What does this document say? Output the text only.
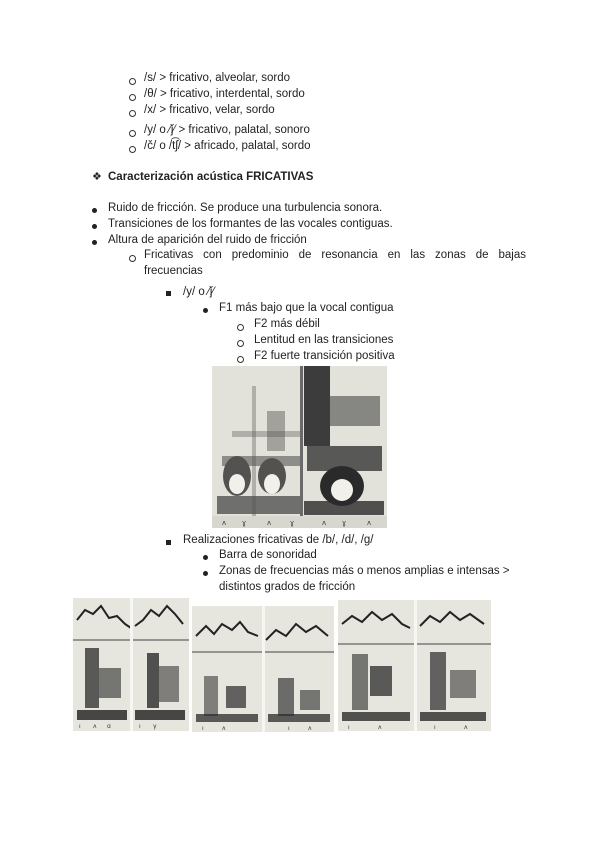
/s/ > fricativo, alveolar, sordo
/θ/ > fricativo, interdental, sordo
/x/ > fricativo, velar, sordo
/y/ o ⁄ǰ⁄ > fricativo, palatal, sonoro
/č/ o /t͡ʃ/ > africado, palatal, sordo
❖ Caracterización acústica FRICATIVAS
Ruido de fricción. Se produce una turbulencia sonora.
Transiciones de los formantes de las vocales contiguas.
Altura de aparición del ruido de fricción
Fricativas con predominio de resonancia en las zonas de bajas frecuencias
/y/ o ⁄ǰ⁄
F1 más bajo que la vocal contigua
F2 más débil
Lentitud en las transiciones
F2 fuerte transición positiva
ʌ ɣ	ʌ	ɣ	ʌ ɣ	ʌ
Realizaciones fricativas de /b/, /d/, /g/
Barra de sonoridad
Zonas de frecuencias más o menos amplias e intensas >
distintos grados de fricción
ı ʌ ɑ	ı γ	ı	ʌ	ı	ʌ	ı	ʌ	ı	ʌ
